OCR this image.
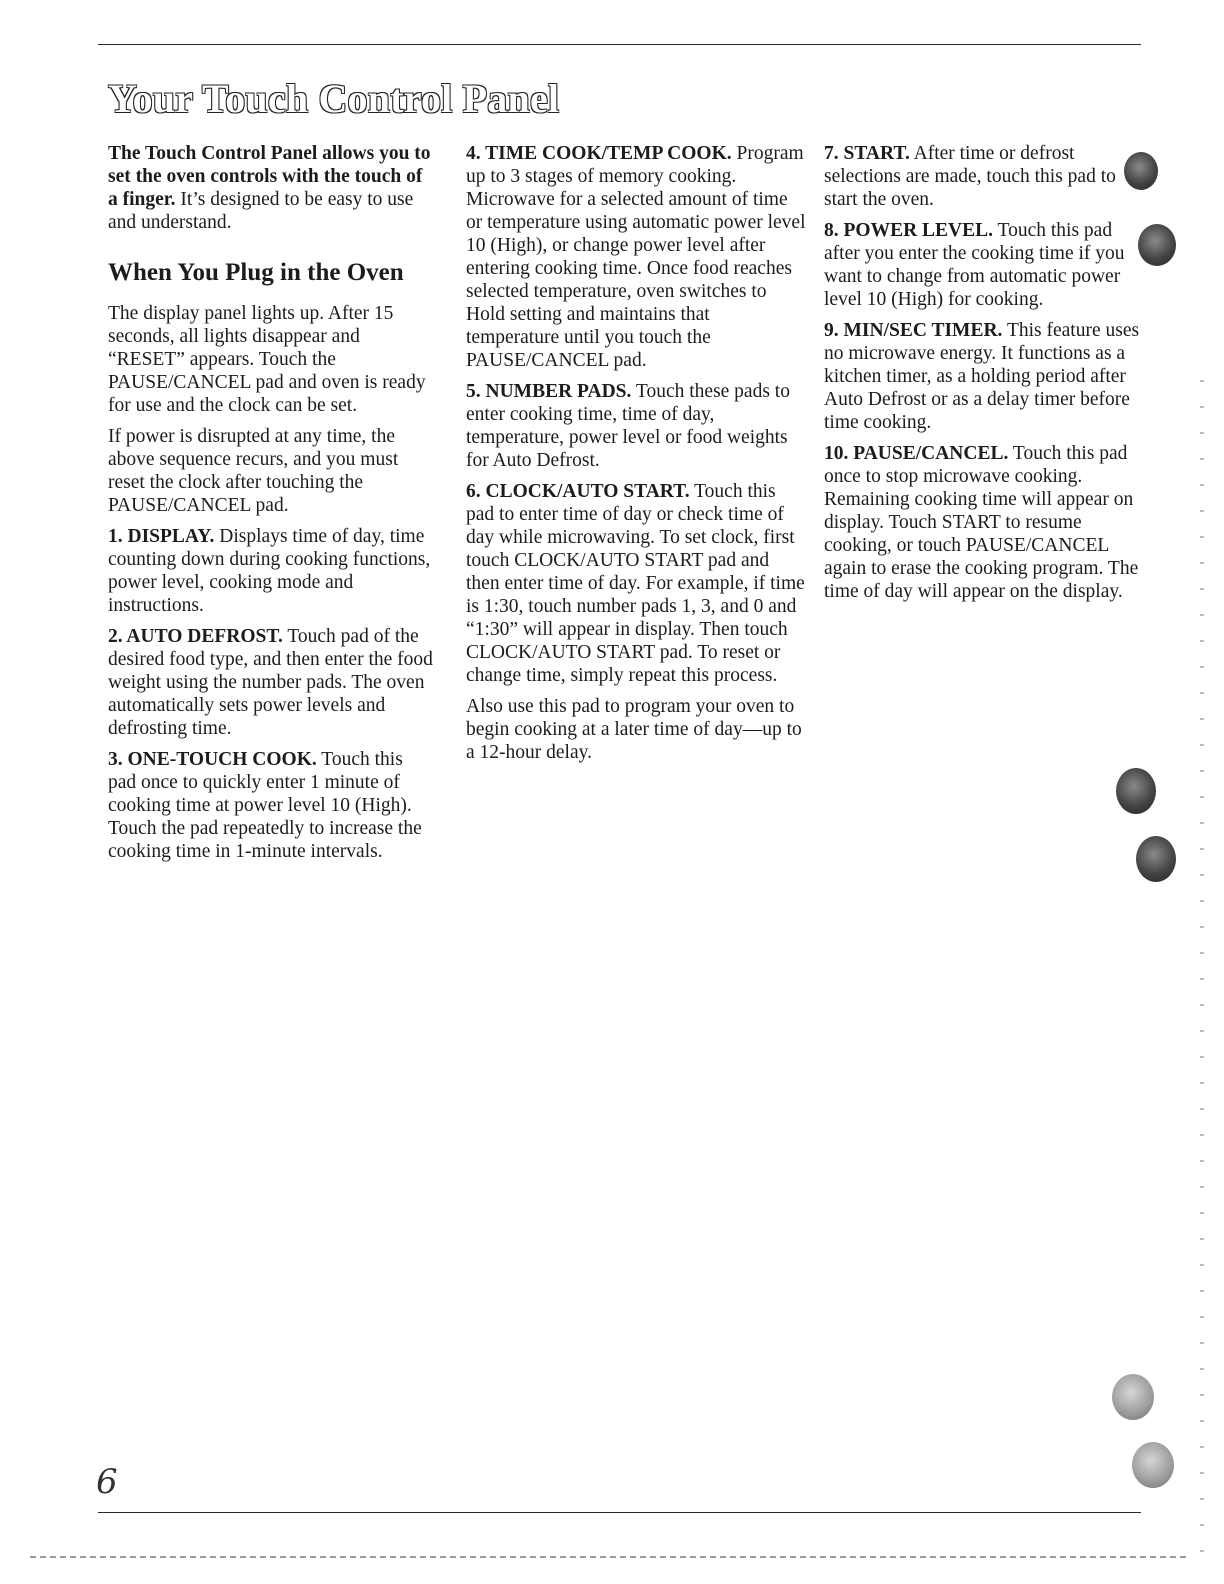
Your Touch Control Panel

The Touch Control Panel allows you to set the oven controls with the touch of a finger. It’s designed to be easy to use and understand.

When You Plug in the Oven

The display panel lights up. After 15 seconds, all lights disappear and “RESET” appears. Touch the PAUSE/CANCEL pad and oven is ready for use and the clock can be set.

If power is disrupted at any time, the above sequence recurs, and you must reset the clock after touching the PAUSE/CANCEL pad.

1. DISPLAY. Displays time of day, time counting down during cooking functions, power level, cooking mode and instructions.

2. AUTO DEFROST. Touch pad of the desired food type, and then enter the food weight using the number pads. The oven automatically sets power levels and defrosting time.

3. ONE-TOUCH COOK. Touch this pad once to quickly enter 1 minute of cooking time at power level 10 (High). Touch the pad repeatedly to increase the cooking time in 1-minute intervals.

4. TIME COOK/TEMP COOK. Program up to 3 stages of memory cooking. Microwave for a selected amount of time or temperature using automatic power level 10 (High), or change power level after entering cooking time. Once food reaches selected temperature, oven switches to Hold setting and maintains that temperature until you touch the PAUSE/CANCEL pad.

5. NUMBER PADS. Touch these pads to enter cooking time, time of day, temperature, power level or food weights for Auto Defrost.

6. CLOCK/AUTO START. Touch this pad to enter time of day or check time of day while microwaving. To set clock, first touch CLOCK/AUTO START pad and then enter time of day. For example, if time is 1:30, touch number pads 1, 3, and 0 and “1:30” will appear in display. Then touch CLOCK/AUTO START pad. To reset or change time, simply repeat this process.

Also use this pad to program your oven to begin cooking at a later time of day—up to a 12-hour delay.

7. START. After time or defrost selections are made, touch this pad to start the oven.

8. POWER LEVEL. Touch this pad after you enter the cooking time if you want to change from automatic power level 10 (High) for cooking.

9. MIN/SEC TIMER. This feature uses no microwave energy. It functions as a kitchen timer, as a holding period after Auto Defrost or as a delay timer before time cooking.

10. PAUSE/CANCEL. Touch this pad once to stop microwave cooking. Remaining cooking time will appear on display. Touch START to resume cooking, or touch PAUSE/CANCEL again to erase the cooking program. The time of day will appear on the display.

6
